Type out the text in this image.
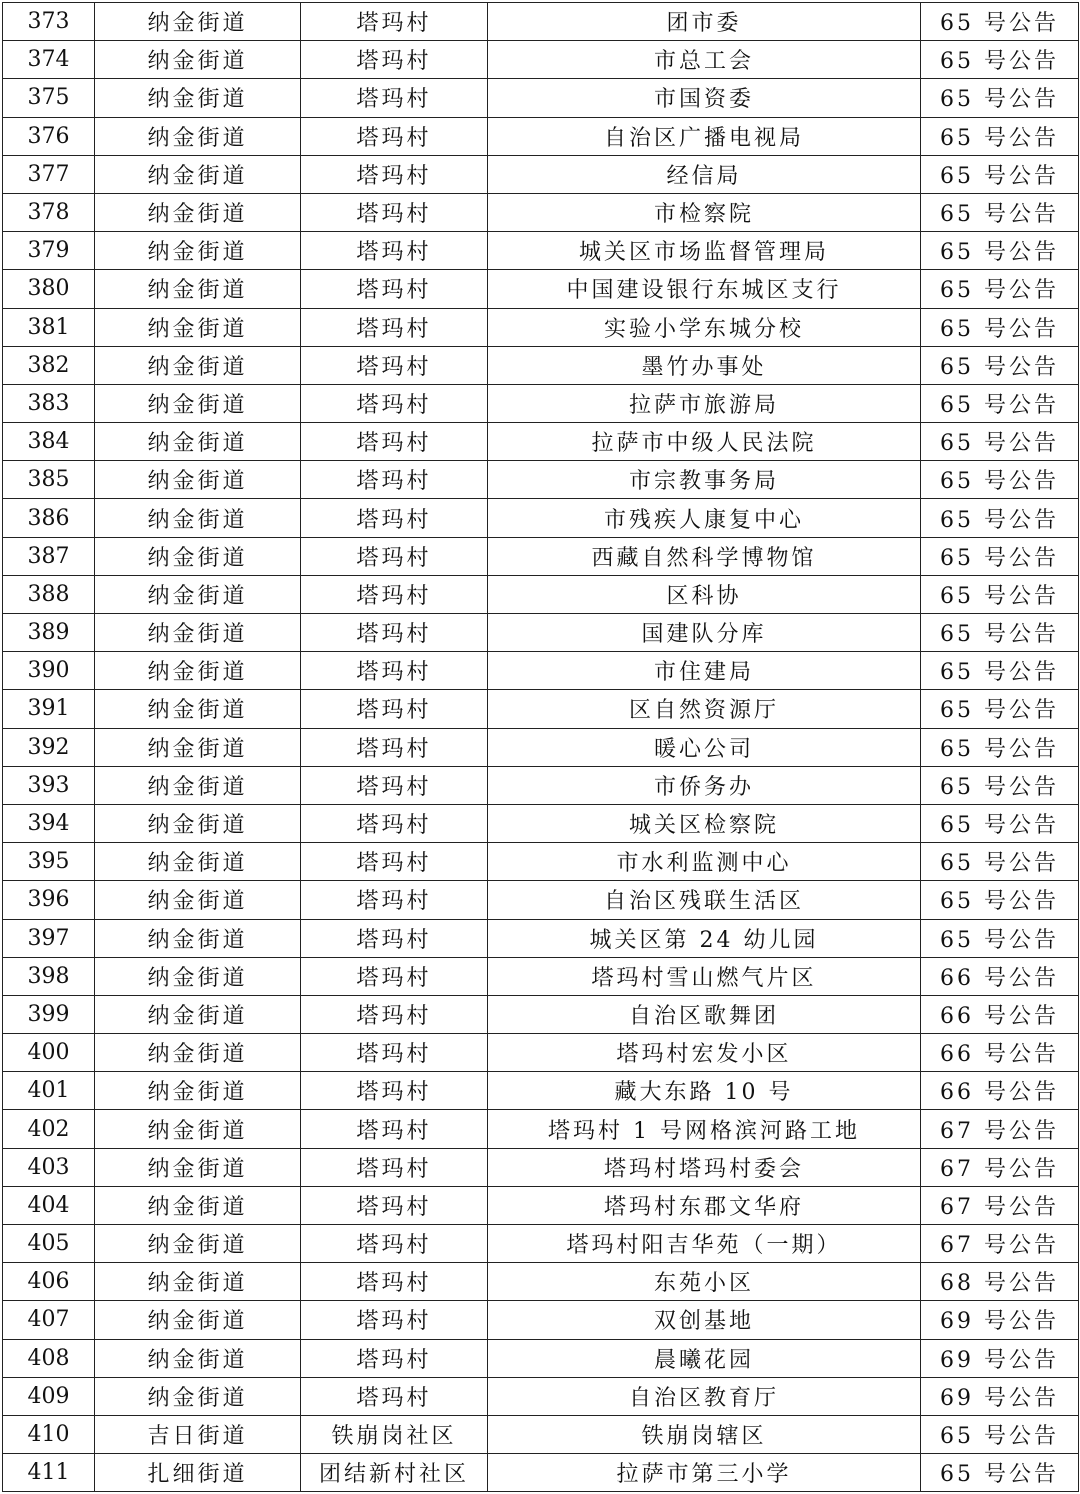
373	纳金街道	塔玛村	团市委	65 号公告
374	纳金街道	塔玛村	市总工会	65 号公告
375	纳金街道	塔玛村	市国资委	65 号公告
376	纳金街道	塔玛村	自治区广播电视局	65 号公告
377	纳金街道	塔玛村	经信局	65 号公告
378	纳金街道	塔玛村	市检察院	65 号公告
379	纳金街道	塔玛村	城关区市场监督管理局	65 号公告
380	纳金街道	塔玛村	中国建设银行东城区支行	65 号公告
381	纳金街道	塔玛村	实验小学东城分校	65 号公告
382	纳金街道	塔玛村	墨竹办事处	65 号公告
383	纳金街道	塔玛村	拉萨市旅游局	65 号公告
384	纳金街道	塔玛村	拉萨市中级人民法院	65 号公告
385	纳金街道	塔玛村	市宗教事务局	65 号公告
386	纳金街道	塔玛村	市残疾人康复中心	65 号公告
387	纳金街道	塔玛村	西藏自然科学博物馆	65 号公告
388	纳金街道	塔玛村	区科协	65 号公告
389	纳金街道	塔玛村	国建队分库	65 号公告
390	纳金街道	塔玛村	市住建局	65 号公告
391	纳金街道	塔玛村	区自然资源厅	65 号公告
392	纳金街道	塔玛村	暖心公司	65 号公告
393	纳金街道	塔玛村	市侨务办	65 号公告
394	纳金街道	塔玛村	城关区检察院	65 号公告
395	纳金街道	塔玛村	市水利监测中心	65 号公告
396	纳金街道	塔玛村	自治区残联生活区	65 号公告
397	纳金街道	塔玛村	城关区第 24 幼儿园	65 号公告
398	纳金街道	塔玛村	塔玛村雪山燃气片区	66 号公告
399	纳金街道	塔玛村	自治区歌舞团	66 号公告
400	纳金街道	塔玛村	塔玛村宏发小区	66 号公告
401	纳金街道	塔玛村	藏大东路 10 号	66 号公告
402	纳金街道	塔玛村	塔玛村 1 号网格滨河路工地	67 号公告
403	纳金街道	塔玛村	塔玛村塔玛村委会	67 号公告
404	纳金街道	塔玛村	塔玛村东郡文华府	67 号公告
405	纳金街道	塔玛村	塔玛村阳吉华苑（一期）	67 号公告
406	纳金街道	塔玛村	东苑小区	68 号公告
407	纳金街道	塔玛村	双创基地	69 号公告
408	纳金街道	塔玛村	晨曦花园	69 号公告
409	纳金街道	塔玛村	自治区教育厅	69 号公告
410	吉日街道	铁崩岗社区	铁崩岗辖区	65 号公告
411	扎细街道	团结新村社区	拉萨市第三小学	65 号公告
